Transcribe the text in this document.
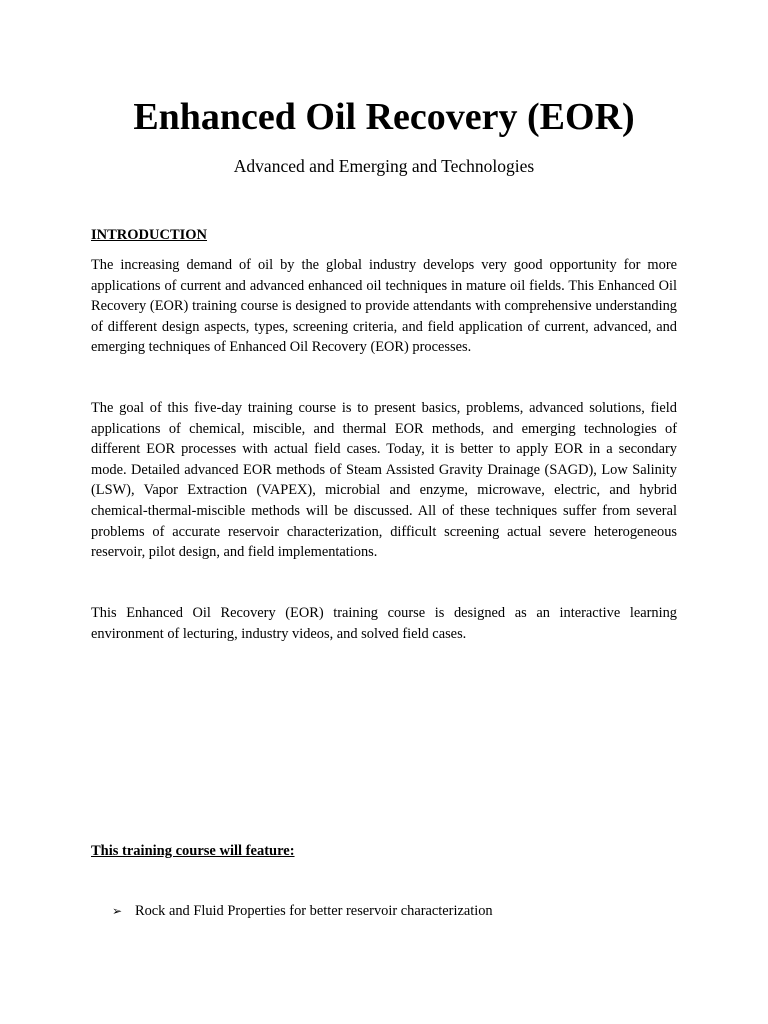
Enhanced Oil Recovery (EOR)

Advanced and Emerging and Technologies

INTRODUCTION

The increasing demand of oil by the global industry develops very good opportunity for more applications of current and advanced enhanced oil techniques in mature oil fields. This Enhanced Oil Recovery (EOR) training course is designed to provide attendants with comprehensive understanding of different design aspects, types, screening criteria, and field application of current, advanced, and emerging techniques of Enhanced Oil Recovery (EOR) processes.

The goal of this five-day training course is to present basics, problems, advanced solutions, field applications of chemical, miscible, and thermal EOR methods, and emerging technologies of different EOR processes with actual field cases. Today, it is better to apply EOR in a secondary mode. Detailed advanced EOR methods of Steam Assisted Gravity Drainage (SAGD), Low Salinity (LSW), Vapor Extraction (VAPEX), microbial and enzyme, microwave, electric, and hybrid chemical-thermal-miscible methods will be discussed. All of these techniques suffer from several problems of accurate reservoir characterization, difficult screening actual severe heterogeneous reservoir, pilot design, and field implementations.

This Enhanced Oil Recovery (EOR) training course is designed as an interactive learning environment of lecturing, industry videos, and solved field cases.

This training course will feature:

➢ Rock and Fluid Properties for better reservoir characterization
